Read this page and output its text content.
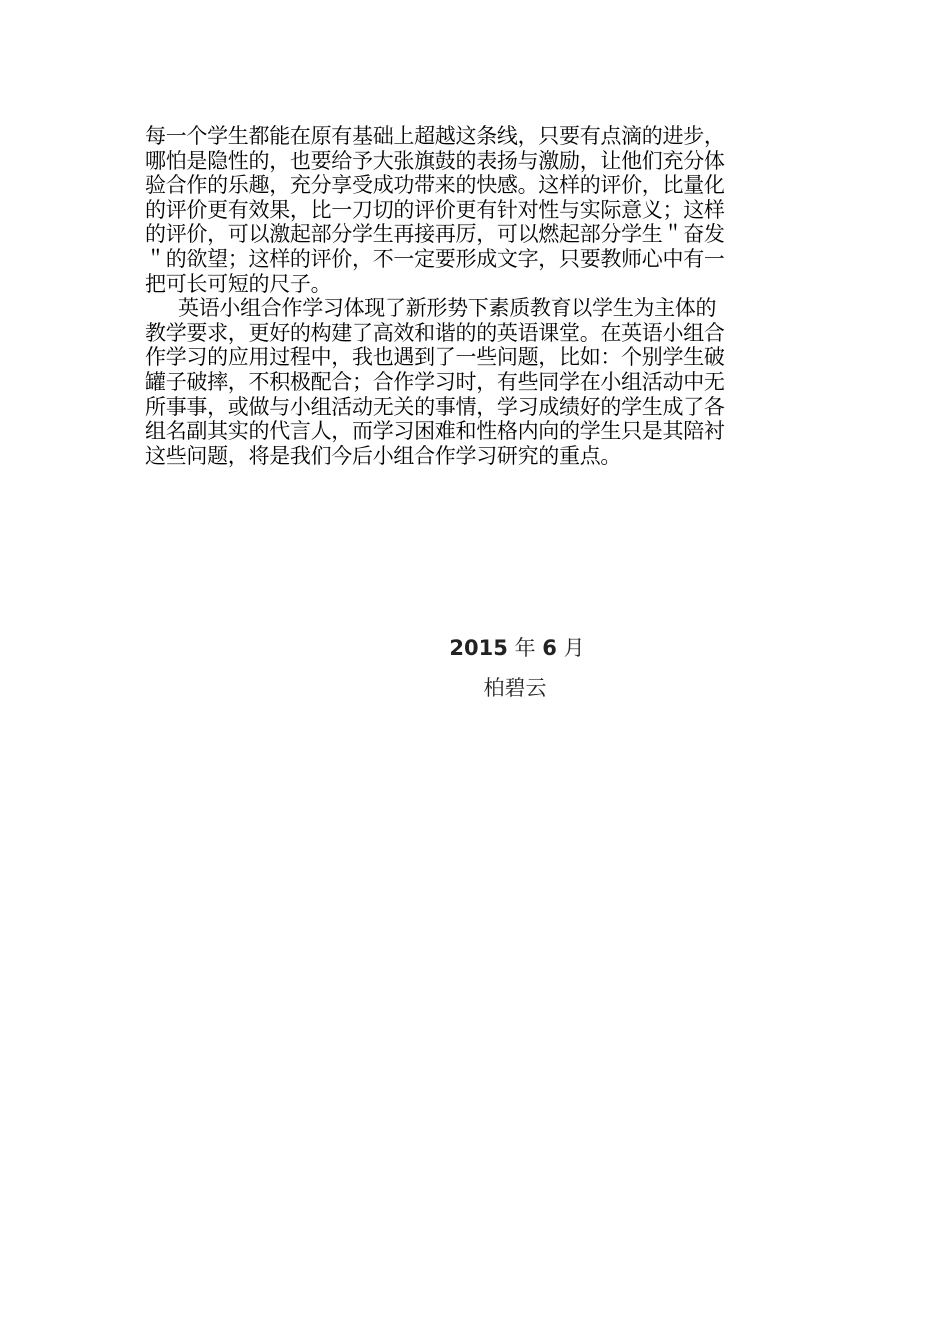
每一个学生都能在原有基础上超越这条线，只要有点滴的进步，
哪怕是隐性的，也要给予大张旗鼓的表扬与激励，让他们充分体
验合作的乐趣，充分享受成功带来的快感。这样的评价，比量化
的评价更有效果，比一刀切的评价更有针对性与实际意义；这样
的评价，可以激起部分学生再接再厉，可以燃起部分学生＂奋发
＂的欲望；这样的评价，不一定要形成文字，只要教师心中有一
把可长可短的尺子。
英语小组合作学习体现了新形势下素质教育以学生为主体的
教学要求，更好的构建了高效和谐的的英语课堂。在英语小组合
作学习的应用过程中，我也遇到了一些问题，比如：个别学生破
罐子破摔，不积极配合；合作学习时，有些同学在小组活动中无
所事事，或做与小组活动无关的事情，学习成绩好的学生成了各
组名副其实的代言人，而学习困难和性格内向的学生只是其陪衬
这些问题，将是我们今后小组合作学习研究的重点。
2015 年 6 月
柏碧云
